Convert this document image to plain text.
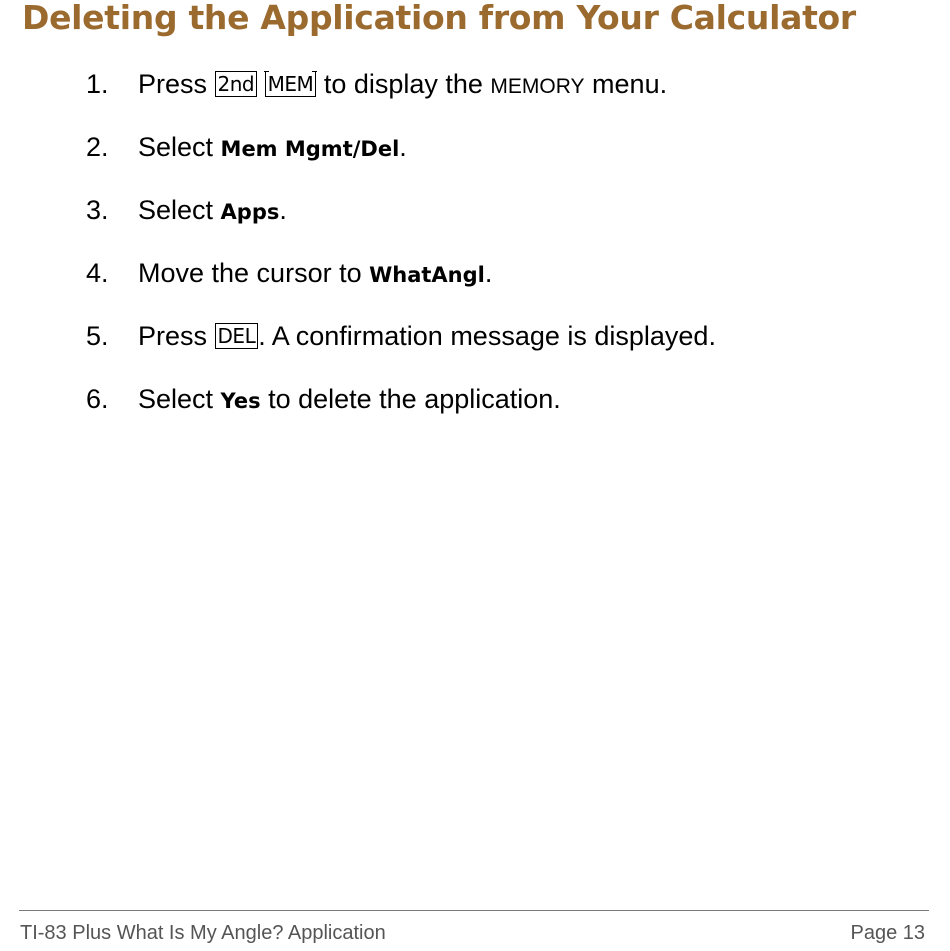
Deleting the Application from Your Calculator
1. Press 2nd MEM to display the MEMORY menu.
2. Select Mem Mgmt/Del.
3. Select Apps.
4. Move the cursor to WhatAngl.
5. Press DEL . A confirmation message is displayed.
6. Select Yes to delete the application.
TI-83 Plus What Is My Angle? Application	Page 13
